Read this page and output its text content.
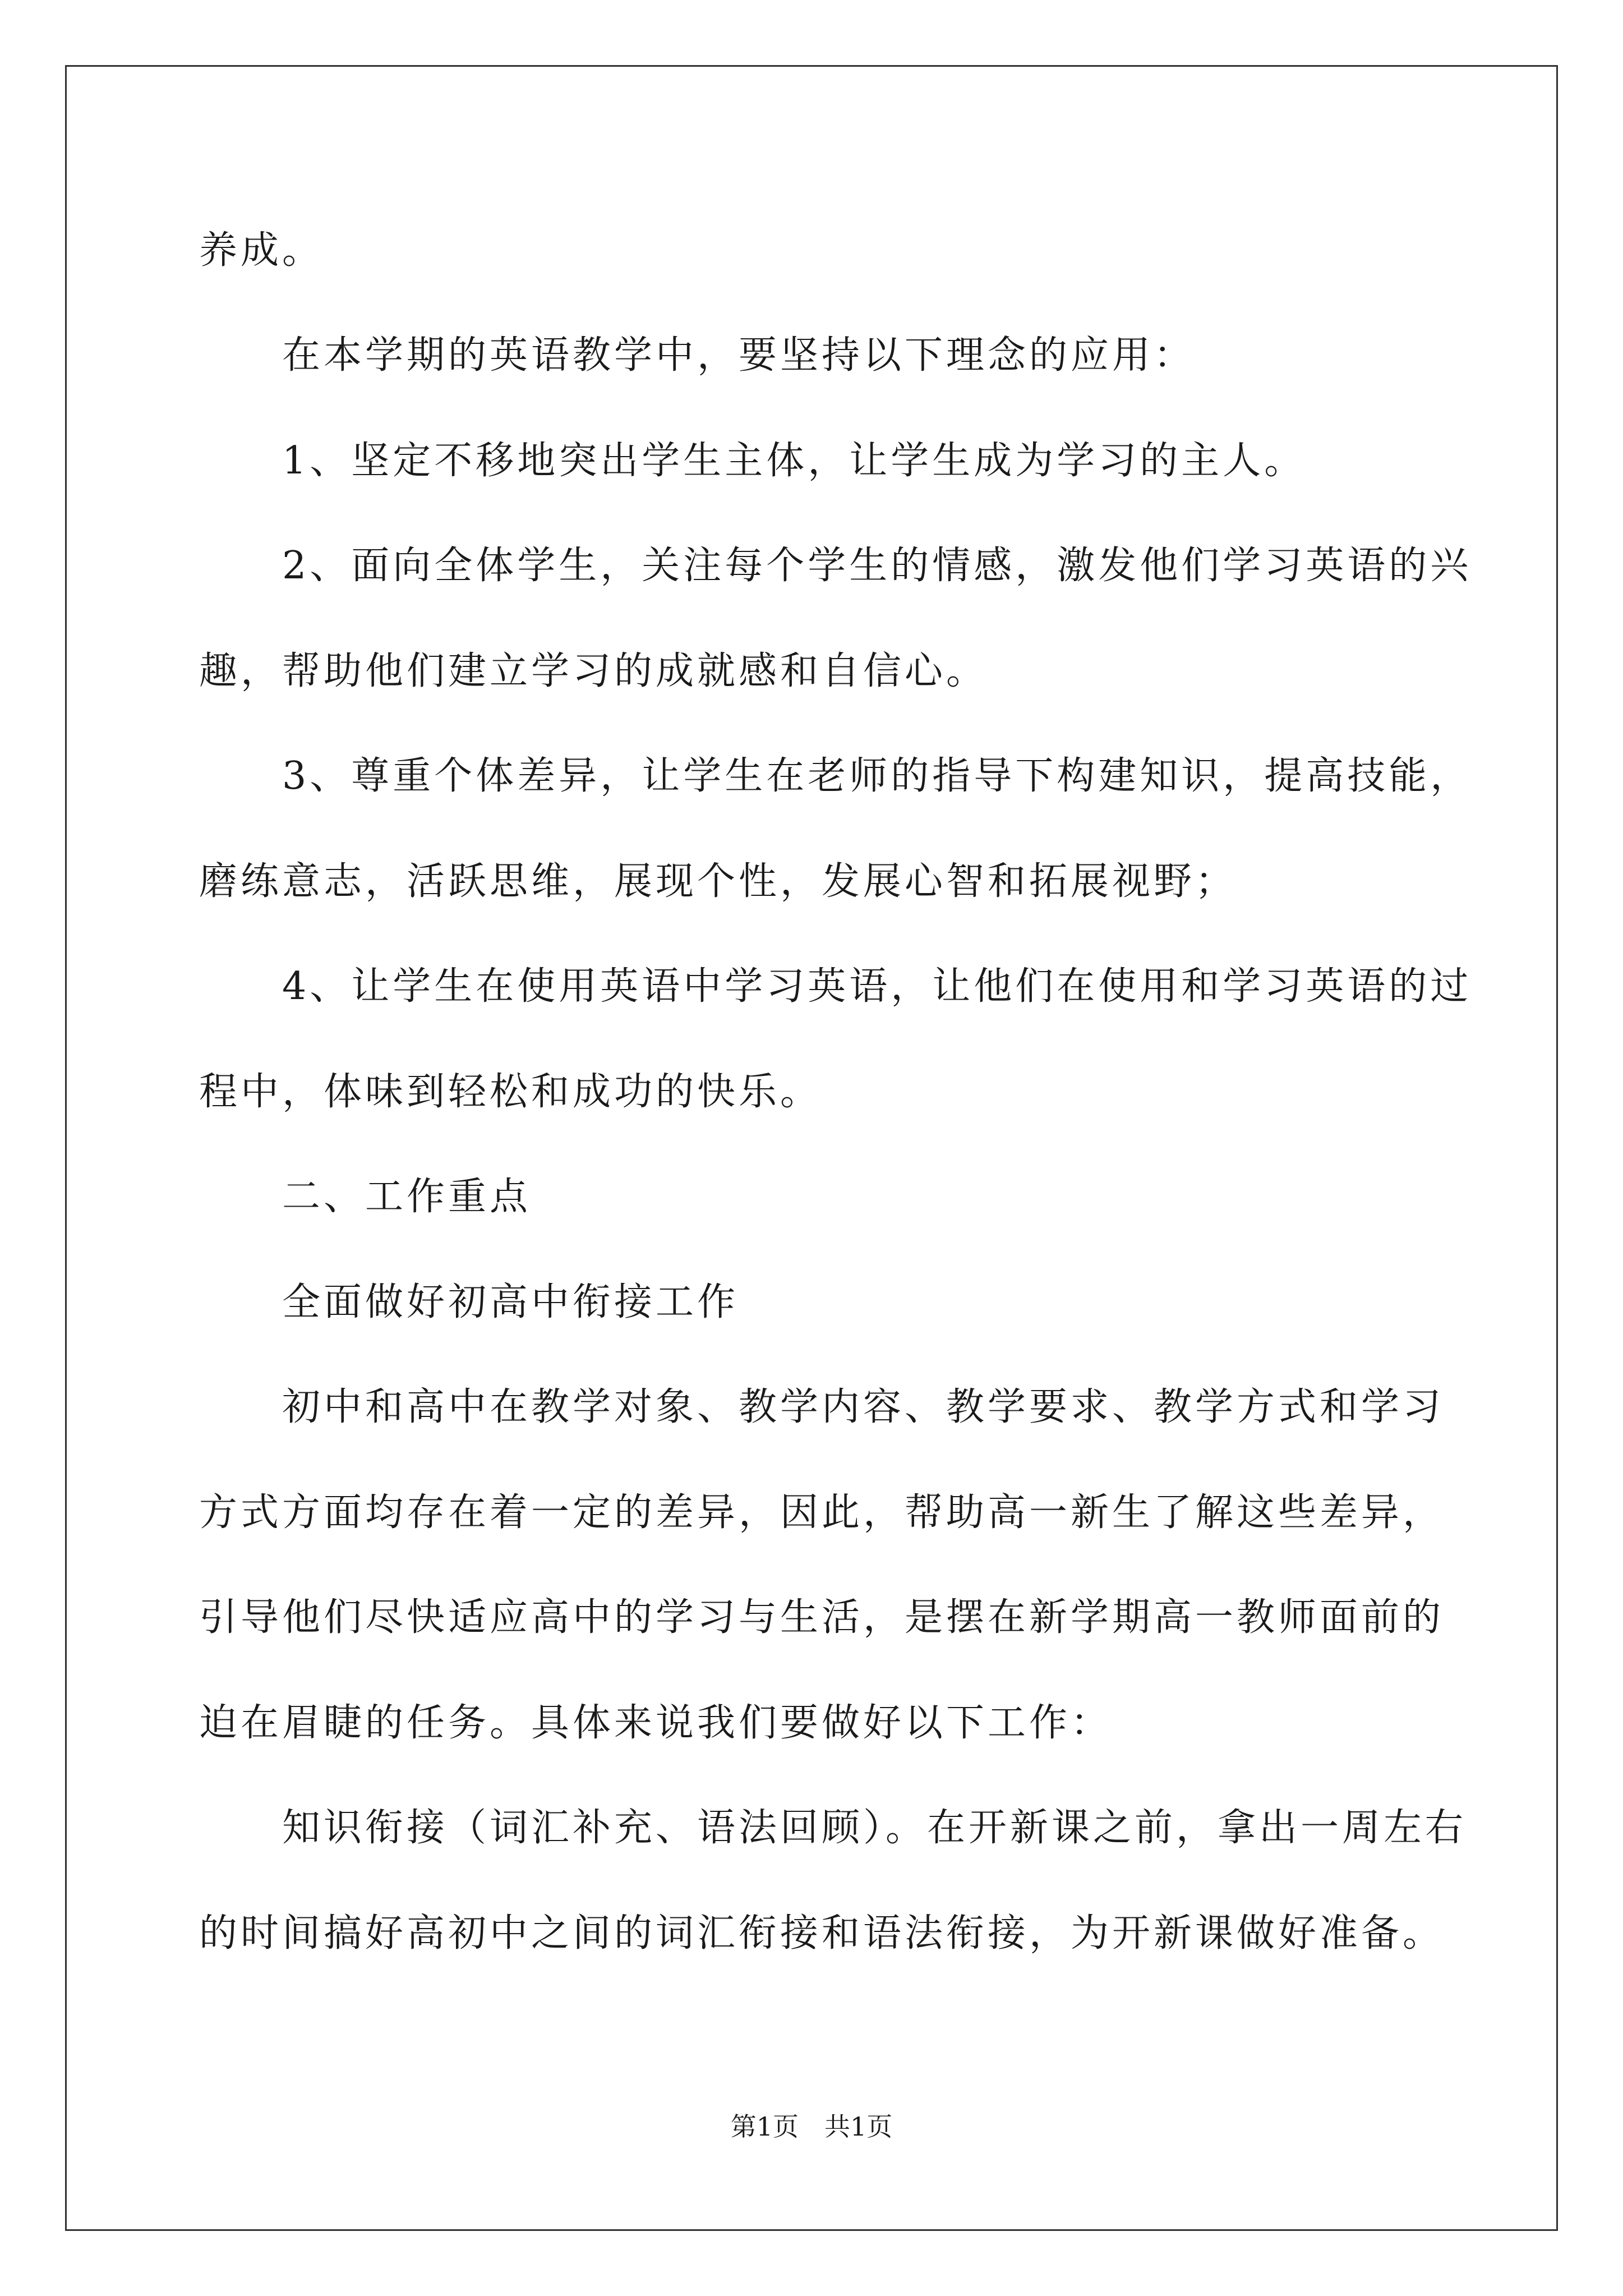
养成。
　　在本学期的英语教学中，要坚持以下理念的应用：
　　1、坚定不移地突出学生主体，让学生成为学习的主人。
　　2、面向全体学生，关注每个学生的情感，激发他们学习英语的兴
趣，帮助他们建立学习的成就感和自信心。
　　3、尊重个体差异，让学生在老师的指导下构建知识，提高技能，
磨练意志，活跃思维，展现个性，发展心智和拓展视野；
　　4、让学生在使用英语中学习英语，让他们在使用和学习英语的过
程中，体味到轻松和成功的快乐。
　　二、工作重点
　　全面做好初高中衔接工作
　　初中和高中在教学对象、教学内容、教学要求、教学方式和学习
方式方面均存在着一定的差异，因此，帮助高一新生了解这些差异，
引导他们尽快适应高中的学习与生活，是摆在新学期高一教师面前的
迫在眉睫的任务。具体来说我们要做好以下工作：
　　知识衔接（词汇补充、语法回顾）。在开新课之前，拿出一周左右
的时间搞好高初中之间的词汇衔接和语法衔接，为开新课做好准备。
第1页　共1页
